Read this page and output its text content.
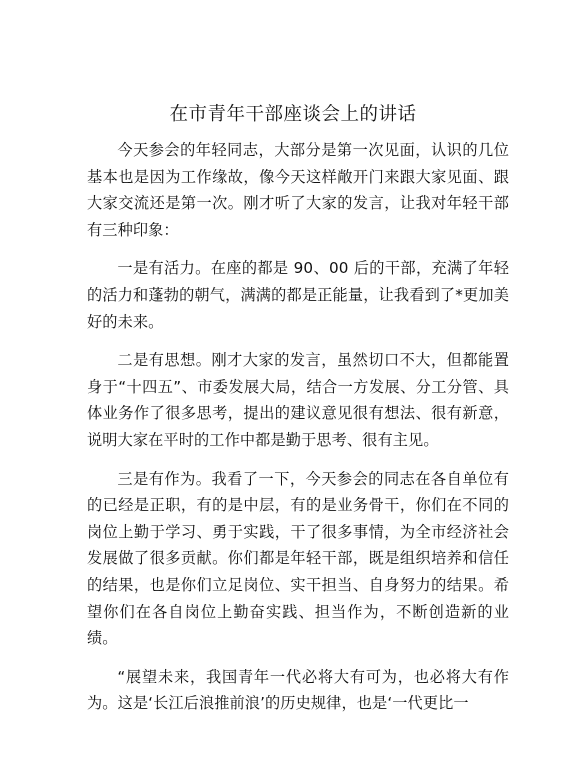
在市青年干部座谈会上的讲话

今天参会的年轻同志，大部分是第一次见面，认识的几位基本也是因为工作缘故，像今天这样敞开门来跟大家见面、跟大家交流还是第一次。刚才听了大家的发言，让我对年轻干部有三种印象：

一是有活力。在座的都是 90、00 后的干部，充满了年轻的活力和蓬勃的朝气，满满的都是正能量，让我看到了*更加美好的未来。

二是有思想。刚才大家的发言，虽然切口不大，但都能置身于“十四五”、市委发展大局，结合一方发展、分工分管、具体业务作了很多思考，提出的建议意见很有想法、很有新意，说明大家在平时的工作中都是勤于思考、很有主见。

三是有作为。我看了一下，今天参会的同志在各自单位有的已经是正职，有的是中层，有的是业务骨干，你们在不同的岗位上勤于学习、勇于实践，干了很多事情，为全市经济社会发展做了很多贡献。你们都是年轻干部，既是组织培养和信任的结果，也是你们立足岗位、实干担当、自身努力的结果。希望你们在各自岗位上勤奋实践、担当作为，不断创造新的业绩。

“展望未来，我国青年一代必将大有可为，也必将大有作为。这是‘长江后浪推前浪’的历史规律，也是‘一代更比一
